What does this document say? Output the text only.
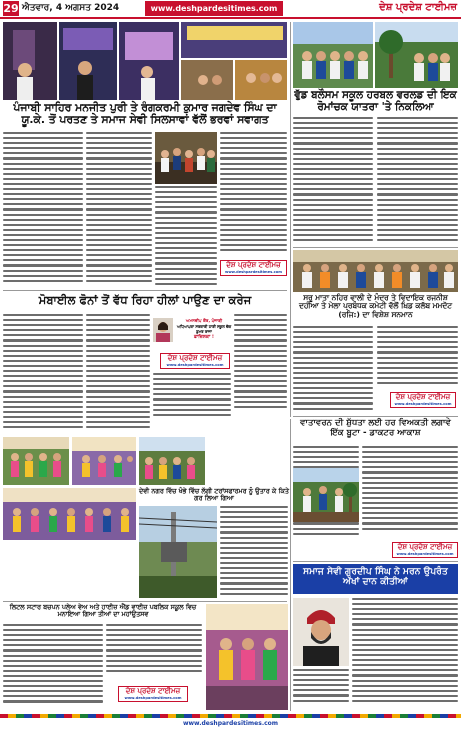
29 ਐਤਵਾਰ, 4 ਅਗਸਤ 2024	www.deshpardesitimes.com	ਦੇਸ਼ ਪ੍ਰਦੇਸ਼ ਟਾਈਮਜ਼
ਪੰਜਾਬੀ ਸਾਹਿਰ ਮਨਜੀਤ ਪੁਰੀ ਤੇ ਰੰਗਕਰਮੀ ਕੁਮਾਰ ਜਗਦੇਵ ਸਿੰਘ ਦਾ ਯੂ.ਕੇ. ਤੋਂ ਪਰਤਣ ਤੇ ਸਮਾਜ ਸੇਵੀ ਸਿਲਸਾਵਾਂ ਵੱਲੋਂ ਭਰਵਾਂ ਸਵਾਗਤ
ਦੇਸ਼ ਪ੍ਰਦੇਸ਼ ਟਾਈਮਜ਼
www.deshpardesitimes.com
ਵੁੱਡ ਬਲੌਸਮ ਸਕੂਲ ਹਰਬਲ ਵਰਲਡ ਦੀ ਇਕ ਰੋਮਾਂਚਕ ਯਾਤਰਾ 'ਤੇ ਨਿਕਲਿਆ
ਸਰੂ ਮਾਤਾ ਨਹਿਰ ਵਾਲੀ ਦੇ ਮੰਦਰ ਤੇ ਵਿਦਾਇਕ ਰਜਨੀਸ਼ ਦਹੀਆ ਤੇ ਮੇਲਾ ਪ੍ਰਬੰਧਕ ਕਮੇਟੀ ਵੱਲੋਂ ਖ਼ਿਡ ਕਲੱਬ ਮਮਦੋਟ (ਰਜਿ:) ਦਾ ਵਿਸ਼ੇਸ਼ ਸਨਮਾਨ
ਦੇਸ਼ ਪ੍ਰਦੇਸ਼ ਟਾਈਮਜ਼
www.deshpardesitimes.com
ਮੋਬਾਈਲ ਫੋਨਾਂ ਤੋਂ ਵੱਧ ਰਿਹਾ ਹੀਲਾਂ ਪਾਉਣ ਦਾ ਕਰੇਜ
ਅਮਨਦੀਪ ਕੌਰ, ਪੰਜਾਬੀ
ਅਧਿਆਪਕਾ ਸਰਕਾਰੀ ਹਾਈ ਸਕੂਲ ਚੱਕ ਡੁਮਰ ਰਾਜਾ
ਫ਼ਾਜ਼ਿਲਕਾ !
ਦੇਸ਼ ਪ੍ਰਦੇਸ਼ ਟਾਈਮਜ਼
www.deshpardesitimes.com
ਵਾਤਾਵਰਨ ਦੀ ਸ਼ੁੱਧਤਾ ਲਈ ਹਰ ਵਿਅਕਤੀ ਲਗਾਵੇ ਇੱਕ ਬੂਟਾ - ਡਾਕਟਰ ਆਕਾਸ਼
ਦੇਸ਼ ਪ੍ਰਦੇਸ਼ ਟਾਈਮਜ਼
www.deshpardesitimes.com
ਦੇਵੀ ਨਗਰ ਵਿੱਚ ਖੰਭੇ ਵਿੱਚ ਲੱਗੀ ਟਰਾਂਸਫਾਰਮਰ ਨੂੰ ਉਤਾਰ ਕੇ ਕਿਤੇ ਗਰ ਲਿਆ ਗਿਆ
ਲਿਟਲ ਸਟਾਰ ਬਚਪਨ ਪਲੇਅ ਵੇਅ ਅਤੇ ਹਾਈਜ਼ ਐਂਡ ਵਾਈਜ਼ ਪਬਲਿਕ ਸਕੂਲ ਵਿਚ ਮਨਾਇਆ ਗਿਆ ਤੀਆਂ ਦਾ ਮਹਾਂਉਤਸਵ
ਦੇਸ਼ ਪ੍ਰਦੇਸ਼ ਟਾਈਮਜ਼
www.deshpardesitimes.com
ਸਮਾਜ ਸੇਵੀ ਗੁਰਦੀਪ ਸਿੰਘ ਨੇ ਮਰਨ ਉਪਰੰਤ ਅੱਖਾਂ ਦਾਨ ਕੀਤੀਆਂ
www.deshpardesitimes.com
